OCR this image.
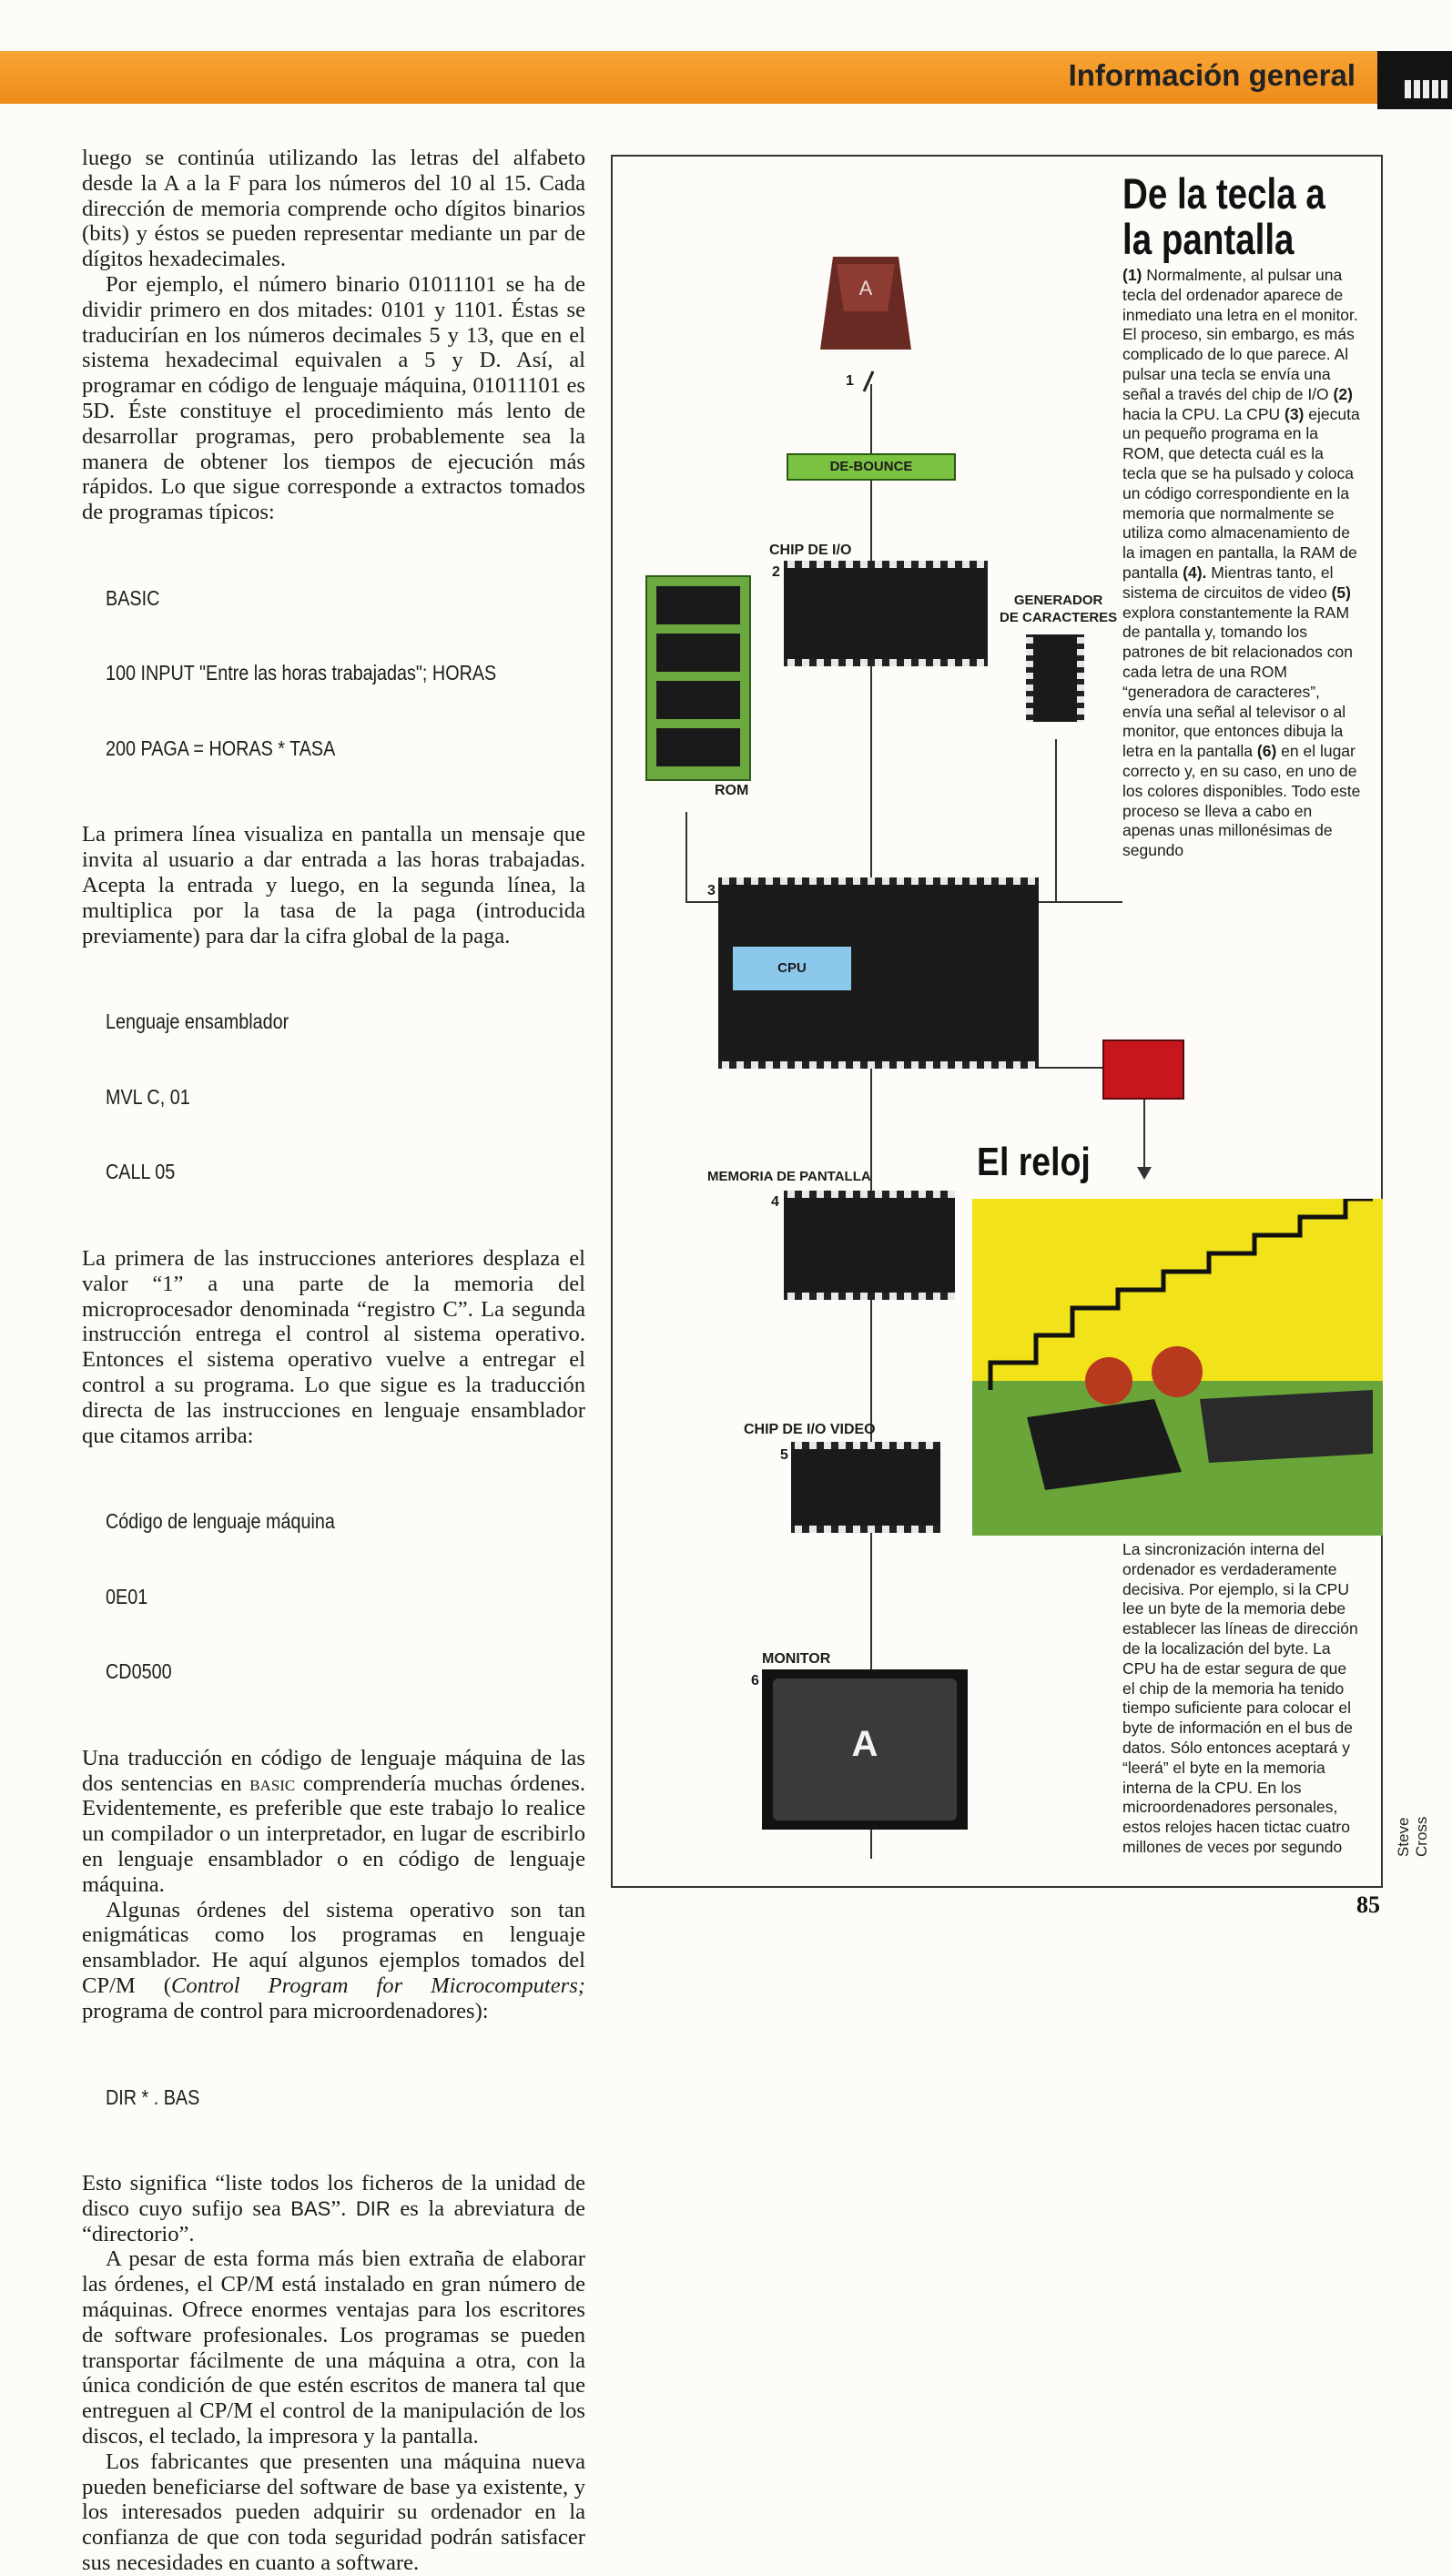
Información general

luego se continúa utilizando las letras del alfabeto desde la A a la F para los números del 10 al 15. Cada dirección de memoria comprende ocho dígitos binarios (bits) y éstos se pueden representar mediante un par de dígitos hexadecimales.

Por ejemplo, el número binario 01011101 se ha de dividir primero en dos mitades: 0101 y 1101. Éstas se traducirían en los números decimales 5 y 13, que en el sistema hexadecimal equivalen a 5 y D. Así, al programar en código de lenguaje máquina, 01011101 es 5D. Éste constituye el procedimiento más lento de desarrollar programas, pero probablemente sea la manera de obtener los tiempos de ejecución más rápidos. Lo que sigue corresponde a extractos tomados de programas típicos:

BASIC

100 INPUT "Entre las horas trabajadas"; HORAS

200 PAGA = HORAS * TASA

La primera línea visualiza en pantalla un mensaje que invita al usuario a dar entrada a las horas trabajadas. Acepta la entrada y luego, en la segunda línea, la multiplica por la tasa de la paga (introducida previamente) para dar la cifra global de la paga.

Lenguaje ensamblador

MVL C, 01

CALL 05

La primera de las instrucciones anteriores desplaza el valor “1” a una parte de la memoria del microprocesador denominada “registro C”. La segunda instrucción entrega el control al sistema operativo. Entonces el sistema operativo vuelve a entregar el control a su programa. Lo que sigue es la traducción directa de las instrucciones en lenguaje ensamblador que citamos arriba:

Código de lenguaje máquina

0E01

CD0500

Una traducción en código de lenguaje máquina de las dos sentencias en basic comprendería muchas órdenes. Evidentemente, es preferible que este trabajo lo realice un compilador o un interpretador, en lugar de escribirlo en lenguaje ensamblador o en código de lenguaje máquina.

Algunas órdenes del sistema operativo son tan enigmáticas como los programas en lenguaje ensamblador. He aquí algunos ejemplos tomados del CP/M (Control Program for Microcomputers; programa de control para microordenadores):

DIR * . BAS

Esto significa “liste todos los ficheros de la unidad de disco cuyo sufijo sea BAS”. DIR es la abreviatura de “directorio”.

A pesar de esta forma más bien extraña de elaborar las órdenes, el CP/M está instalado en gran número de máquinas. Ofrece enormes ventajas para los escritores de software profesionales. Los programas se pueden transportar fácilmente de una máquina a otra, con la única condición de que estén escritos de manera tal que entreguen al CP/M el control de la manipulación de los discos, el teclado, la impresora y la pantalla.

Los fabricantes que presenten una máquina nueva pueden beneficiarse del software de base ya existente, y los interesados pueden adquirir su ordenador en la confianza de que con toda seguridad podrán satisfacer sus necesidades en cuanto a software.

A
1
DE-BOUNCE
CHIP DE I/O
2
GENERADOR
DE CARACTERES
ROM
3
CPU
MEMORIA DE PANTALLA
4
CHIP DE I/O VIDEO
5
MONITOR
6
A
De la tecla a
la pantalla
(1) Normalmente, al pulsar una tecla del ordenador aparece de inmediato una letra en el monitor. El proceso, sin embargo, es más complicado de lo que parece. Al pulsar una tecla se envía una señal a través del chip de I/O (2) hacia la CPU. La CPU (3) ejecuta un pequeño programa en la ROM, que detecta cuál es la tecla que se ha pulsado y coloca un código correspondiente en la memoria que normalmente se utiliza como almacenamiento de la imagen en pantalla, la RAM de pantalla (4). Mientras tanto, el sistema de circuitos de video (5) explora constantemente la RAM de pantalla y, tomando los patrones de bit relacionados con cada letra de una ROM “generadora de caracteres”, envía una señal al televisor o al monitor, que entonces dibuja la letra en la pantalla (6) en el lugar correcto y, en su caso, en uno de los colores disponibles. Todo este proceso se lleva a cabo en apenas unas millonésimas de segundo
El reloj
La sincronización interna del ordenador es verdaderamente decisiva. Por ejemplo, si la CPU lee un byte de la memoria debe establecer las líneas de dirección de la localización del byte. La CPU ha de estar segura de que el chip de la memoria ha tenido tiempo suficiente para colocar el byte de información en el bus de datos. Sólo entonces aceptará y “leerá” el byte en la memoria interna de la CPU. En los microordenadores personales, estos relojes hacen tictac cuatro millones de veces por segundo	Steve Cross
85
